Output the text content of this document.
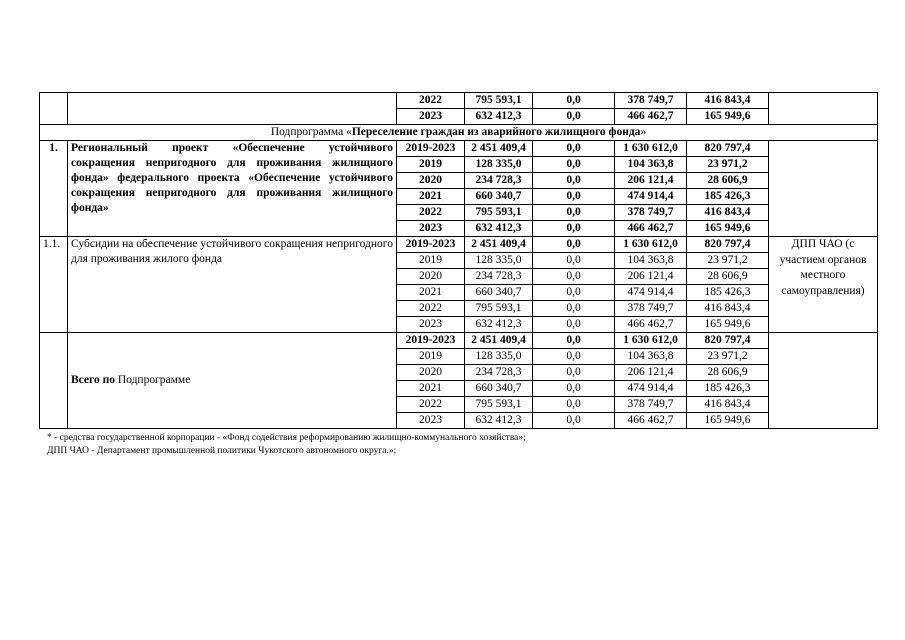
		2022	795 593,1	0,0	378 749,7	416 843,4	
		2023	632 412,3	0,0	466 462,7	165 949,6	
Подпрограмма «Переселение граждан из аварийного жилищного фонда»							
1.	Региональный проект «Обеспечение устойчивого сокращения непригодного для проживания жилищного фонда» федерального проекта «Обеспечение устойчивого сокращения непригодного для проживания жилищного фонда»	2019-2023	2 451 409,4	0,0	1 630 612,0	820 797,4	
		2019	128 335,0	0,0	104 363,8	23 971,2	
		2020	234 728,3	0,0	206 121,4	28 606,9	
		2021	660 340,7	0,0	474 914,4	185 426,3	
		2022	795 593,1	0,0	378 749,7	416 843,4	
		2023	632 412,3	0,0	466 462,7	165 949,6	
1.1.	Субсидии на обеспечение устойчивого сокращения непригодного для проживания жилого фонда	2019-2023	2 451 409,4	0,0	1 630 612,0	820 797,4	ДПП ЧАО (с участием органов местного самоуправления)
		2019	128 335,0	0,0	104 363,8	23 971,2	
		2020	234 728,3	0,0	206 121,4	28 606,9	
		2021	660 340,7	0,0	474 914,4	185 426,3	
		2022	795 593,1	0,0	378 749,7	416 843,4	
		2023	632 412,3	0,0	466 462,7	165 949,6	
	Всего по Подпрограмме	2019-2023	2 451 409,4	0,0	1 630 612,0	820 797,4	
		2019	128 335,0	0,0	104 363,8	23 971,2	
		2020	234 728,3	0,0	206 121,4	28 606,9	
		2021	660 340,7	0,0	474 914,4	185 426,3	
		2022	795 593,1	0,0	378 749,7	416 843,4	
		2023	632 412,3	0,0	466 462,7	165 949,6	
* - средства государственной корпорации - «Фонд содействия реформированию жилищно-коммунального хозяйства»;
ДПП ЧАО - Департамент промышленной политики Чукотского автономного округа.»;
